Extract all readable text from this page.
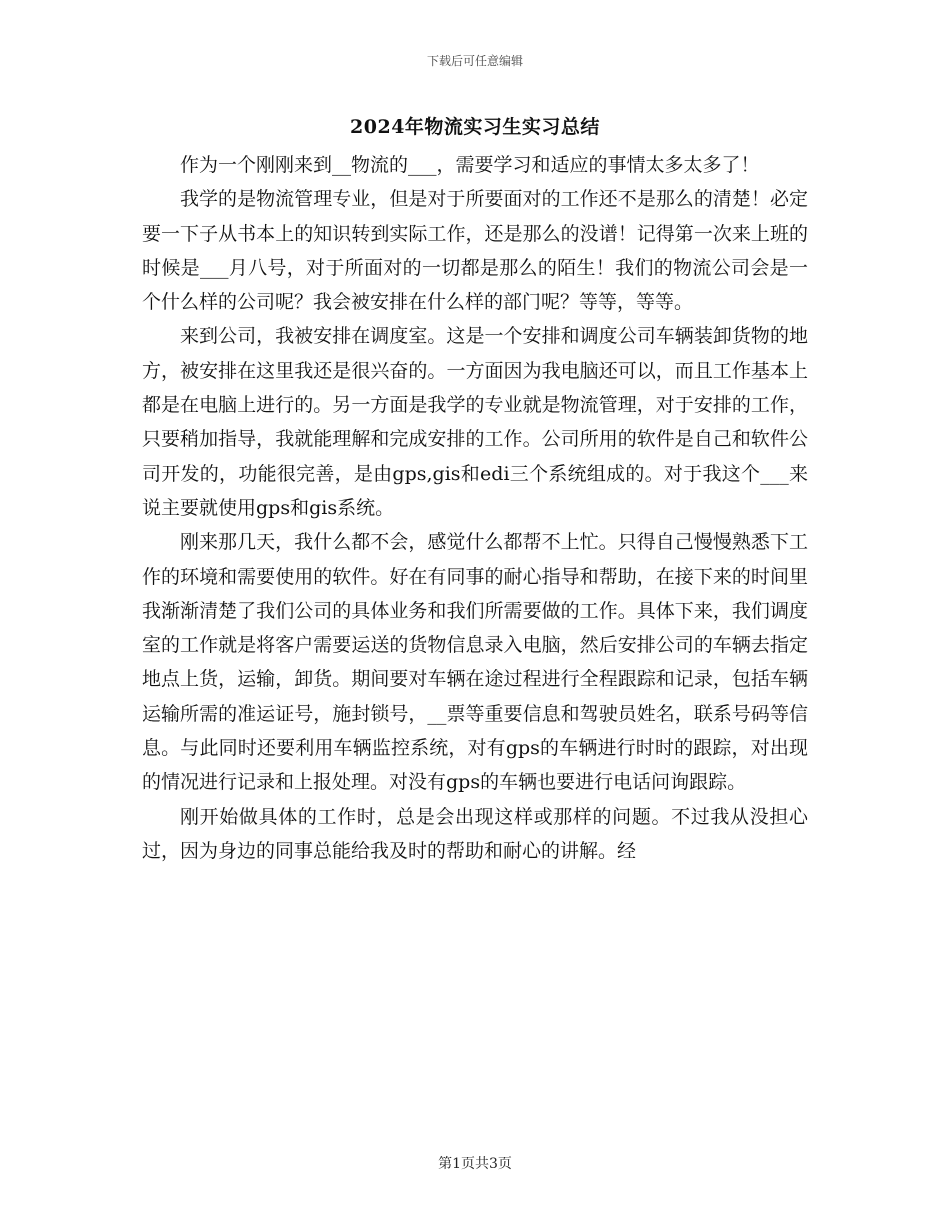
下载后可任意编辑
2024年物流实习生实习总结

作为一个刚刚来到__物流的___，需要学习和适应的事情太多太多了！

我学的是物流管理专业，但是对于所要面对的工作还不是那么的清楚！必定要一下子从书本上的知识转到实际工作，还是那么的没谱！记得第一次来上班的时候是___月八号，对于所面对的一切都是那么的陌生！我们的物流公司会是一个什么样的公司呢？我会被安排在什么样的部门呢？等等，等等。

来到公司，我被安排在调度室。这是一个安排和调度公司车辆装卸货物的地方，被安排在这里我还是很兴奋的。一方面因为我电脑还可以，而且工作基本上都是在电脑上进行的。另一方面是我学的专业就是物流管理，对于安排的工作，只要稍加指导，我就能理解和完成安排的工作。公司所用的软件是自己和软件公司开发的，功能很完善，是由gps,gis和edi三个系统组成的。对于我这个___来说主要就使用gps和gis系统。

刚来那几天，我什么都不会，感觉什么都帮不上忙。只得自己慢慢熟悉下工作的环境和需要使用的软件。好在有同事的耐心指导和帮助，在接下来的时间里我渐渐清楚了我们公司的具体业务和我们所需要做的工作。具体下来，我们调度室的工作就是将客户需要运送的货物信息录入电脑，然后安排公司的车辆去指定地点上货，运输，卸货。期间要对车辆在途过程进行全程跟踪和记录，包括车辆运输所需的准运证号，施封锁号，__票等重要信息和驾驶员姓名，联系号码等信息。与此同时还要利用车辆监控系统，对有gps的车辆进行时时的跟踪，对出现的情况进行记录和上报处理。对没有gps的车辆也要进行电话问询跟踪。

刚开始做具体的工作时，总是会出现这样或那样的问题。不过我从没担心过，因为身边的同事总能给我及时的帮助和耐心的讲解。经

第1页共3页
